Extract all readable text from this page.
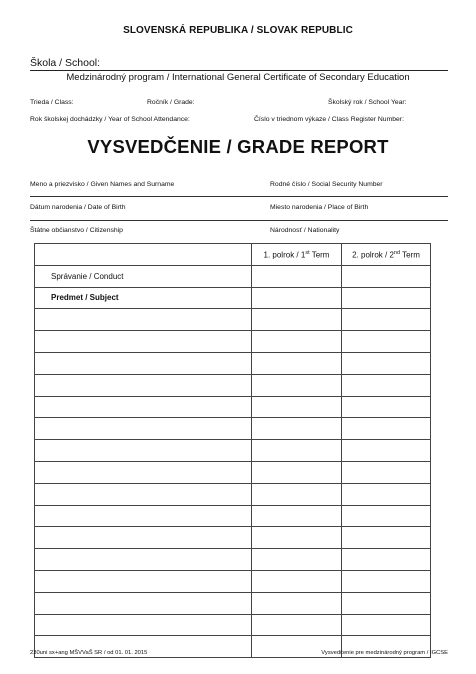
SLOVENSKÁ REPUBLIKA / SLOVAK REPUBLIC
Škola / School:
Medzinárodný program / International General Certificate of Secondary Education
Trieda / Class:	Ročník / Grade:	Školský rok / School Year:
Rok školskej dochádzky / Year of School Attendance:	Číslo v triednom výkaze / Class Register Number:
VYSVEDČENIE / GRADE REPORT
Meno a priezvisko / Given Names and Surname	Rodné číslo / Social Security Number
Dátum narodenia / Date of Birth	Miesto narodenia / Place of Birth
Štátne občianstvo / Citizenship	Národnosť / Nationality
	1. polrok / 1st Term	2. polrok / 2nd Term
Správanie / Conduct		
Predmet / Subject		

230uni sx+ang MŠVVaŠ SR / od 01. 01. 2015	Vysvedčenie pre medzinárodný program / IGCSE
